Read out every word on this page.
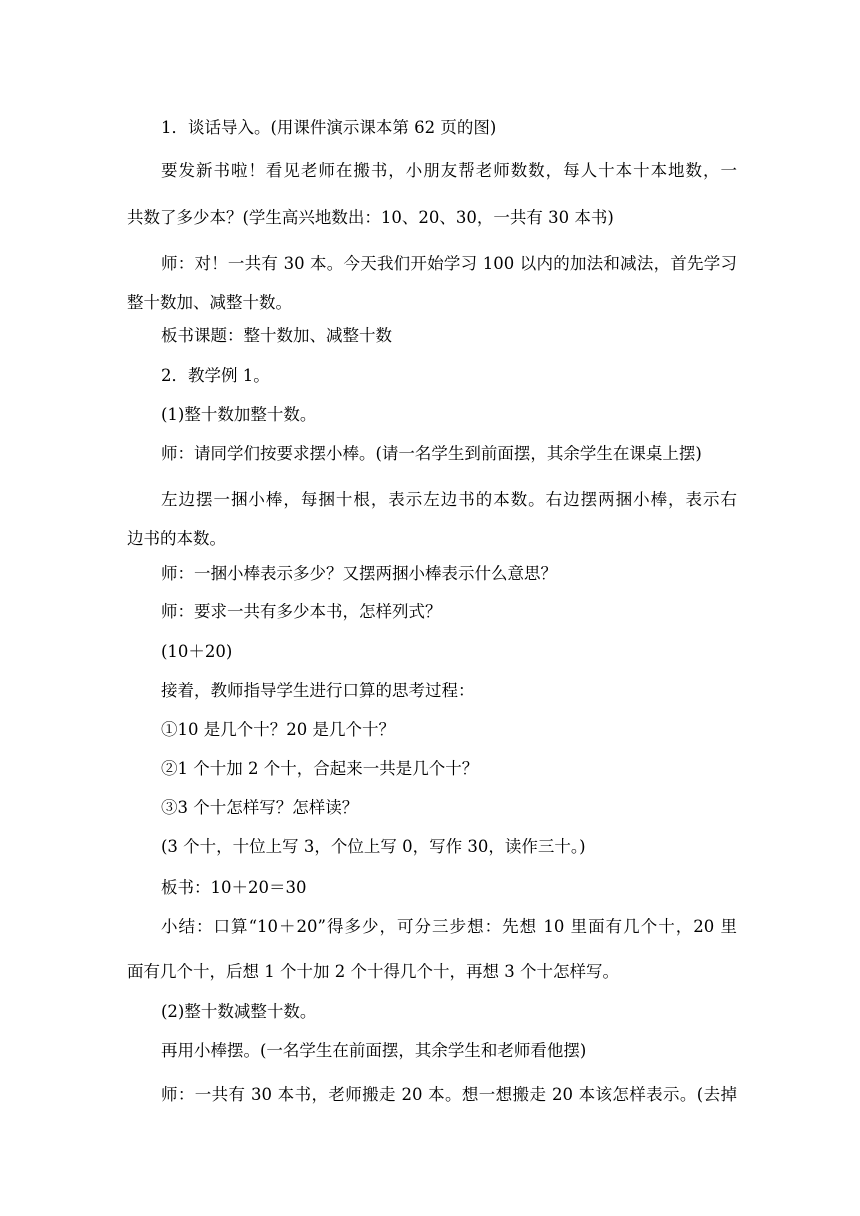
1．谈话导入。(用课件演示课本第 62 页的图)
要发新书啦！看见老师在搬书，小朋友帮老师数数，每人十本十本地数，一
共数了多少本？(学生高兴地数出：10、20、30，一共有 30 本书)
师：对！一共有 30 本。今天我们开始学习 100 以内的加法和减法，首先学习
整十数加、减整十数。
板书课题：整十数加、减整十数
2．教学例 1。
(1)整十数加整十数。
师：请同学们按要求摆小棒。(请一名学生到前面摆，其余学生在课桌上摆)
左边摆一捆小棒，每捆十根，表示左边书的本数。右边摆两捆小棒，表示右
边书的本数。
师：一捆小棒表示多少？又摆两捆小棒表示什么意思？
师：要求一共有多少本书，怎样列式？
(10＋20)
接着，教师指导学生进行口算的思考过程：
①10 是几个十？20 是几个十？
②1 个十加 2 个十，合起来一共是几个十？
③3 个十怎样写？怎样读？
(3 个十，十位上写 3，个位上写 0，写作 30，读作三十。)
板书：10＋20＝30
小结：口算“10＋20”得多少，可分三步想：先想 10 里面有几个十，20 里
面有几个十，后想 1 个十加 2 个十得几个十，再想 3 个十怎样写。
(2)整十数减整十数。
再用小棒摆。(一名学生在前面摆，其余学生和老师看他摆)
师：一共有 30 本书，老师搬走 20 本。想一想搬走 20 本该怎样表示。(去掉
